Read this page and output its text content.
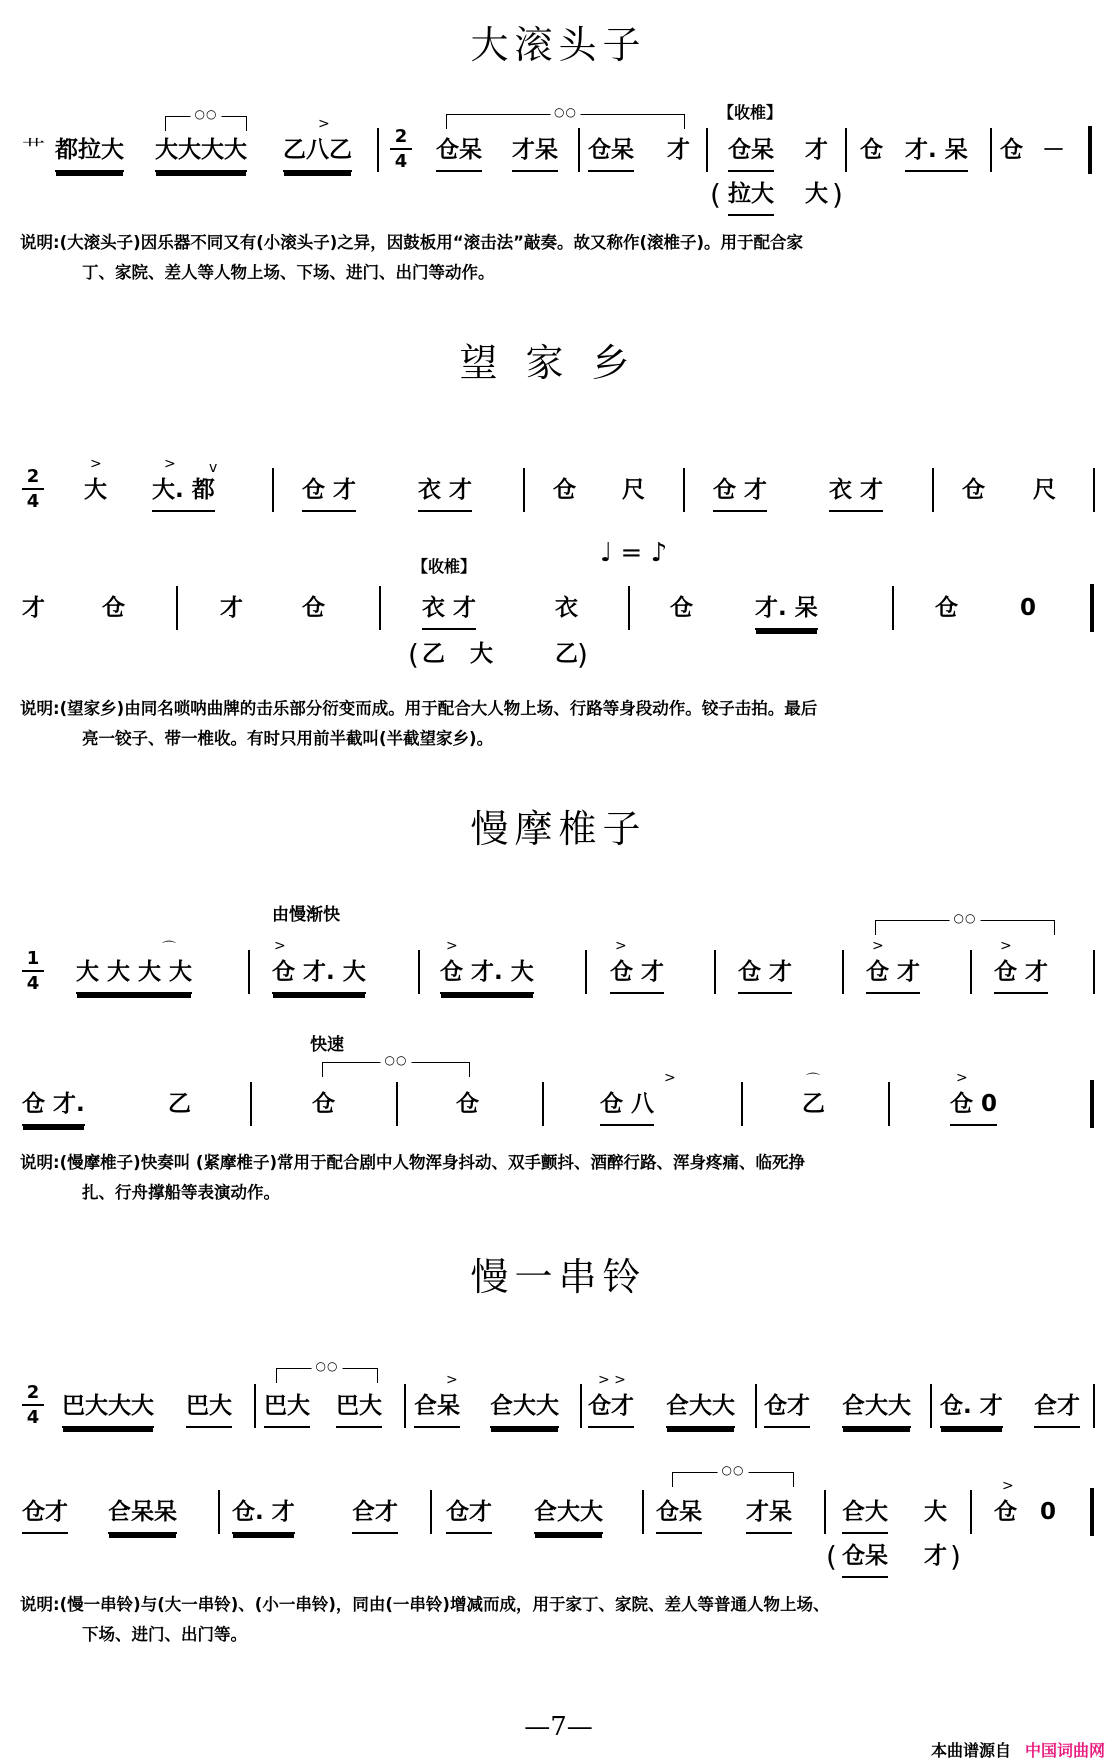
大滚头子
艹 都拉大
○○
大大大大
>
乙八乙 $\frac{2}{4}$
○○
仓呆 才呆 仓呆 才
【收椎】
仓呆 才 仓 才. 呆 仓 －
( 拉大 大 )
说明:(大滚头子)因乐器不同又有(小滚头子)之异，因鼓板用“滚击法”敲奏。故又称作(滚椎子)。用于配合家
丁、家院、差人等人物上场、下场、进门、出门等动作。
望家乡
$\frac{2}{4}$
>
大
> v
大. 都	仓 才	衣 才	仓 尺	仓 才	衣 才	仓 尺
才 仓	才	仓
【收椎】	♩ = ♪
衣 才	衣	仓	才. 呆	仓	0
( 乙 大	乙 )
说明:(望家乡)由同名唢呐曲牌的击乐部分衍变而成。用于配合大人物上场、行路等身段动作。铰子击拍。最后
亮一铰子、带一椎收。有时只用前半截叫(半截望家乡)。
慢摩椎子
由慢渐快
$\frac{1}{4}$
⌒
大 大 大 大
>
仓 才. 大
>
仓 才. 大
>
仓 才	仓 才
○○
>
仓 才
>
仓 才
快速
仓 才.	乙
○○
仓	仓
>
仓 八
⌒
乙
>
仓 0
说明:(慢摩椎子)快奏叫 (紧摩椎子)常用于配合剧中人物浑身抖动、双手颤抖、酒醉行路、浑身疼痛、临死挣
扎、行舟撑船等表演动作。
慢一串铃
$\frac{2}{4}$ 巴大大大 巴大
○○
巴大 巴大
>
仺呆 仺大大
> >
仓才 仺大大 仓才 仺大大 仓. 才 仺才
仓才 仺呆呆 仓. 才 仺才 仓才 仺大大
○○
仓呆 才呆 仺大 大
>
仓 0
( 仓呆 才 )
说明:(慢一串铃)与(大一串铃)、(小一串铃)，同由(一串铃)增减而成，用于家丁、家院、差人等普通人物上场、
下场、进门、出门等。
—7—
本曲谱源自 中国词曲网
